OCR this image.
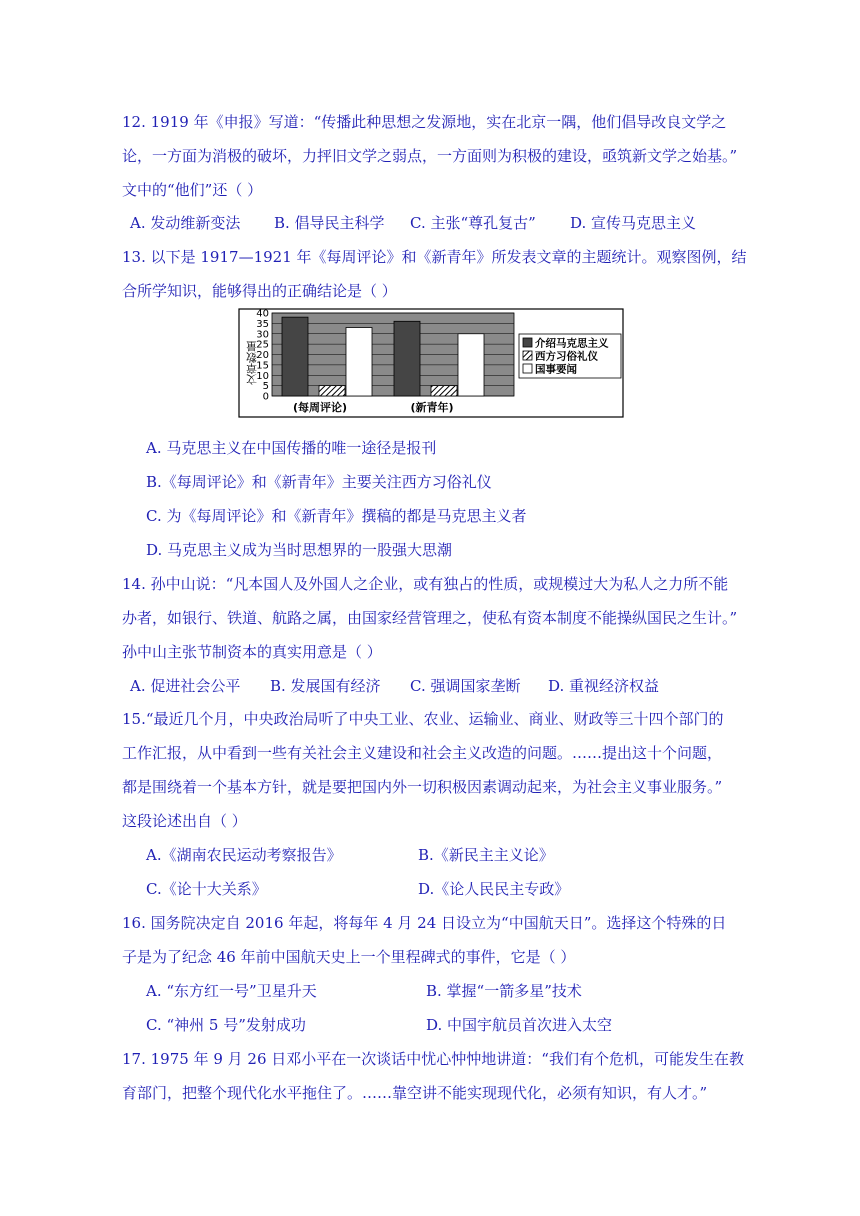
12. 1919 年《申报》写道：“传播此种思想之发源地，实在北京一隅，他们倡导改良文学之
论，一方面为消极的破坏，力抨旧文学之弱点，一方面则为积极的建设，亟筑新文学之始基。”
文中的“他们”还（ ）
A. 发动维新变法 B. 倡导民主科学 C. 主张“尊孔复古” D. 宣传马克思主义
13. 以下是 1917—1921 年《每周评论》和《新青年》所发表文章的主题统计。观察图例，结
合所学知识，能够得出的正确结论是（ ）
文章数量
40
35
30
25
20
15
10
5
0
(每周评论)	(新青年)
介绍马克思主义
西方习俗礼仪
国事要闻
A. 马克思主义在中国传播的唯一途径是报刊
B.《每周评论》和《新青年》主要关注西方习俗礼仪
C. 为《每周评论》和《新青年》撰稿的都是马克思主义者
D. 马克思主义成为当时思想界的一股强大思潮
14. 孙中山说：“凡本国人及外国人之企业，或有独占的性质，或规模过大为私人之力所不能
办者，如银行、铁道、航路之属，由国家经营管理之，使私有资本制度不能操纵国民之生计。”
孙中山主张节制资本的真实用意是（ ）
A. 促进社会公平 B. 发展国有经济 C. 强调国家垄断 D. 重视经济权益
15.“最近几个月，中央政治局听了中央工业、农业、运输业、商业、财政等三十四个部门的
工作汇报，从中看到一些有关社会主义建设和社会主义改造的问题。……提出这十个问题，
都是围绕着一个基本方针，就是要把国内外一切积极因素调动起来，为社会主义事业服务。”
这段论述出自（ ）
A.《湖南农民运动考察报告》	B.《新民主主义论》
C.《论十大关系》	D.《论人民民主专政》
16. 国务院决定自 2016 年起，将每年 4 月 24 日设立为“中国航天日”。选择这个特殊的日
子是为了纪念 46 年前中国航天史上一个里程碑式的事件，它是（ ）
A. “东方红一号”卫星升天	B. 掌握“一箭多星”技术
C. “神州 5 号”发射成功	D. 中国宇航员首次进入太空
17. 1975 年 9 月 26 日邓小平在一次谈话中忧心忡忡地讲道：“我们有个危机，可能发生在教
育部门，把整个现代化水平拖住了。……靠空讲不能实现现代化，必须有知识，有人才。”
